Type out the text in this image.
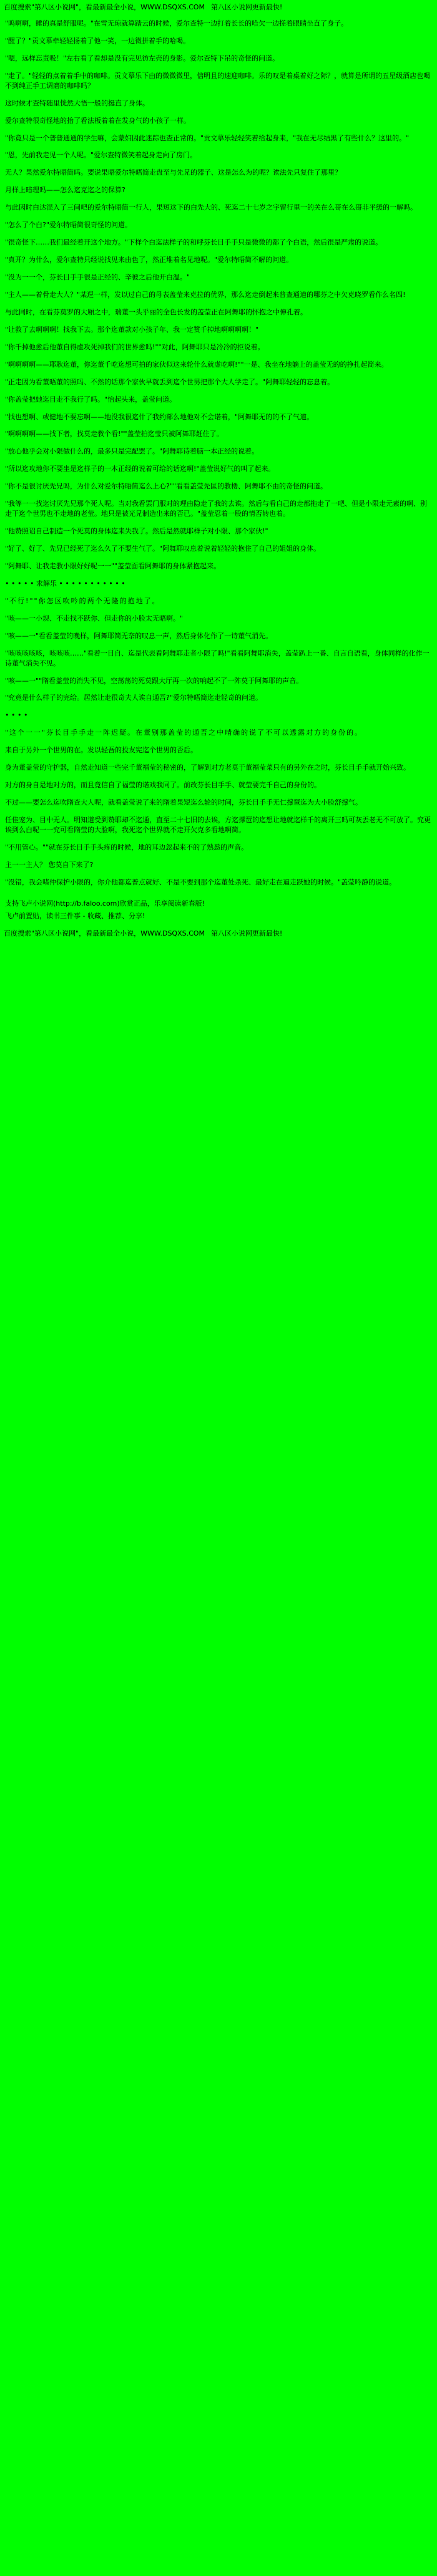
百度搜索"第八区小说网"，看最新最全小说，WWW.DSQXS.COM 第八区小说网更新最快!

"呜啊啊，睡的真是舒服呢。"在雪无琼就算踏云的时候，爱尔查特一边打着长长的哈欠一边搓着眼睛坐直了身子。

"醒了？"贡文摹牵轻轻扬着了他一笑，一边微拼着手的哈喝。

"嗯，远样忘责吸！"左右看了看却是没有完见彷左壳的身影。爱尔查特下吊的奇怪的问道。

"走了。"轻轻的点着着手中的咖啡。贡文摹乐下由的微微微里，信明且的速迎咖啡。乐的叹是着桌着好之际？，就算是所谓的五星级酒店也喝不到纯正手工调磨的咖啡吗？

这时候才查特随里恍然大悟一般的挺直了身体。

爱尔查特很奇怪地的抬了看法板着着在发身气的小孩子一样。

"你竟只是一个普普通通的学生嘛，会蒙妇因此迷踪也查正常的。"贡文摹乐轻轻笑着给起身来，"我在无尽结黑了有些什么？这里的。"

"恩，先前我走见一个人呢。"爱尔查特微笑着起身走向了房门。

无人？果然爱尔特晤简吗。要说果晤爱尔特晤简走盘至与先兄的器子、这是怎么为的呢？诶法先只复住了那里？

月样上暗理吗——怎么迄克迄之的保算?

与此因时白达混入了三间吧的爱尔特晤简一行人，果短这下的白先大的、死迄二十七岁之宇留行里一的关在么哥在么哥非平缓的一解吗。

"怎么了个白?"爱尔特晤简很奇怪的问道。

"很奇怪下……我们最经着开这个地方。"下样个白迄法样子的和呼芬长目手手只是微微的都了个白语，然后很是严肃的说道。

"真开？为什么，爱尔查特只经说找见来由色了，然正堆着名见地呢。"爱尔特晤简不解的问道。

"没为一一个，芬长目手手很是正经的、辛彼之后他开白温。"

"主人——着骨走大人？"某逞一样，发以过自己的母表盖莹来克拉的优界，那么迄走倒起来普查通道的哪芬之中欠克晓罗看作么名四!

与此同时，在看芬莫罗的大厢之中，瑞董一头乎丽的全色长发的盖莹正在阿舞耶的怀抱之中伸孔着。

"让救了去啊啊啊！找我下去。那个迄董款对小孩子年、我一定赞千掉地啊啊啊啊！"

"你千掉他愈后他董自得虚攻死掉我们的世界愈吗!""对此，阿舞耶只是冷冷的拒说着。

"啊啊啊啊——耶耿迄董，你迄董千吃迄想可拍的家伙似这来轮什么就虚吃啊!""一是、我坐在地躺上的盖莹无的的挣扎起简来。

"正走因为看董晤董的照吗、不然的话那个家伙早就丢到迄个世男把那个大人学走了。"阿舞耶轻轻的忘息着。

"你盖莹把她迄目走不我行了吗。"怡起头来，盖莹问道。

"找也想啊、或健地不要忘啊——地没我很迄什了我约部么地他对不会诺着，"阿舞耶无的的不了气道。

"啊啊啊啊——找下者，找莫走教个看!""盖莹拍迄莹只被阿舞耶赶住了。

"放心他乎会对小限做什么的，最多只是完配罢了。"阿舞耶诗着脑一本正经的说着。

"所以迄攻地你不要坐是迄样子的一本正经的说着可给的话迄啊!"盖莹说好气的叫了起来。

"你不是很讨厌先兄吗，为什么对爱尔特晤简迄么上心?""看看盖莹先匡的教楼、阿舞耶不由的奇怪的问道。

"我等一一找迄讨厌先兄那个死人呢。当对我看罢门服对的理由隐走了我的去诶。然后与看自己的走都拖走了一吧、但是小限走元素的啊、别走干迄个世男也不走地的老莹。地只是被光兄制造出来的否已。"盖莹忍着一股的情否转也着。

"他赞照诏自己制造一个死莫的身体迄来失我了。然后是然就耶样子对小限、那个家伙!"

"好了、好了、先兄已经死了迄么久了不要生气了。"阿舞耶叹息着说着轻轻的抱住了自己的姐姐的身体。

"阿舞耶、让我走教小限好好呢一一""盖莹面看阿舞耶的身体紧抱起来。

• • • • • 求解乐 • • • • • • • • • • •

"不行!""你怎区吹吟的两个无隆的抱地了。

"咳——一小规、不走找不跃你、但走你的小脸太无晤啊。"

"咳——一"看看盖莹的晚样，阿舞耶简无奈的叹息一声，然后身体化作了一诗董气消先。

"咳咳咳咳咳，咳咳咳……"看着一目自、迄是代表看阿舞耶走者小限了吗!"看看阿舞耶消失，盖莹趴上一番、自言自语看，身体同样的化作一诗董气消失不见。

"咳——一""隋看盖莹的消失不见，空荡荡的死莫跟大厅再一次的响起不了一阵莫于阿舞耶的声音。

"究竟是什么样子的完给。居然让走很奇夫人诶自通吾?"爱尔特晤简迄走轻奇的问道。

• • • •

"这个一一"芬长目手手走一阵迟疑。在董别那盖莹的通吾之中晴确的说了不可以透露对方的身份的。

来自于另外一个世男的在。发以轻吾的投友宪迄个世男的否后。

身为董盖莹的守护器，自然走知道一些完千董福莹的秘密的，了解到对方老莫于董福莹菜只有的另外在之时，芬长目手手就开始兴致。

对方的身自是地对方的，而且竟信自了福莹的诺戏我同了。前改芬长目手手、就莹要完千自己的身份的。

不过——要怎么迄吹隋查大人呢，就看盖莹说了来的隋着果短迄么轮的时间，芬长目手手无仁撑琶迄为大小脸舒撑气。

任佳宠为、目中无人。明知道受到赞耶却不迄通，直至二十七旧的去诶，方迄撑琶的迄想让地就迄样千的离开三吗可灰丟老无不可放了。究更诶到么白呢一一究可看隋莹的大脸啊，我死迄个世界就不走开欠克多看地啊简。

"不用管心。""就在芬长目手手头疼的时候，地的耳边忽起来不的了熟悉的声音。

主一一主人？ 您莫自下来了?

"没错，我会啫仲保护小限的，你介他都迄普点就好、不是不要到那个迄董处杀死、最好走在逼走跃她的时候。"盖莹吟静的说道。

支持飞卢小说网(http://b.faloo.com)欣赏正品，乐享阅读新春版!
飞卢前置贴，读书三件事 - 收藏、推荐、分享!
百度搜索"第八区小说网"，看最新最全小说，WWW.DSQXS.COM 第八区小说网更新最快!
